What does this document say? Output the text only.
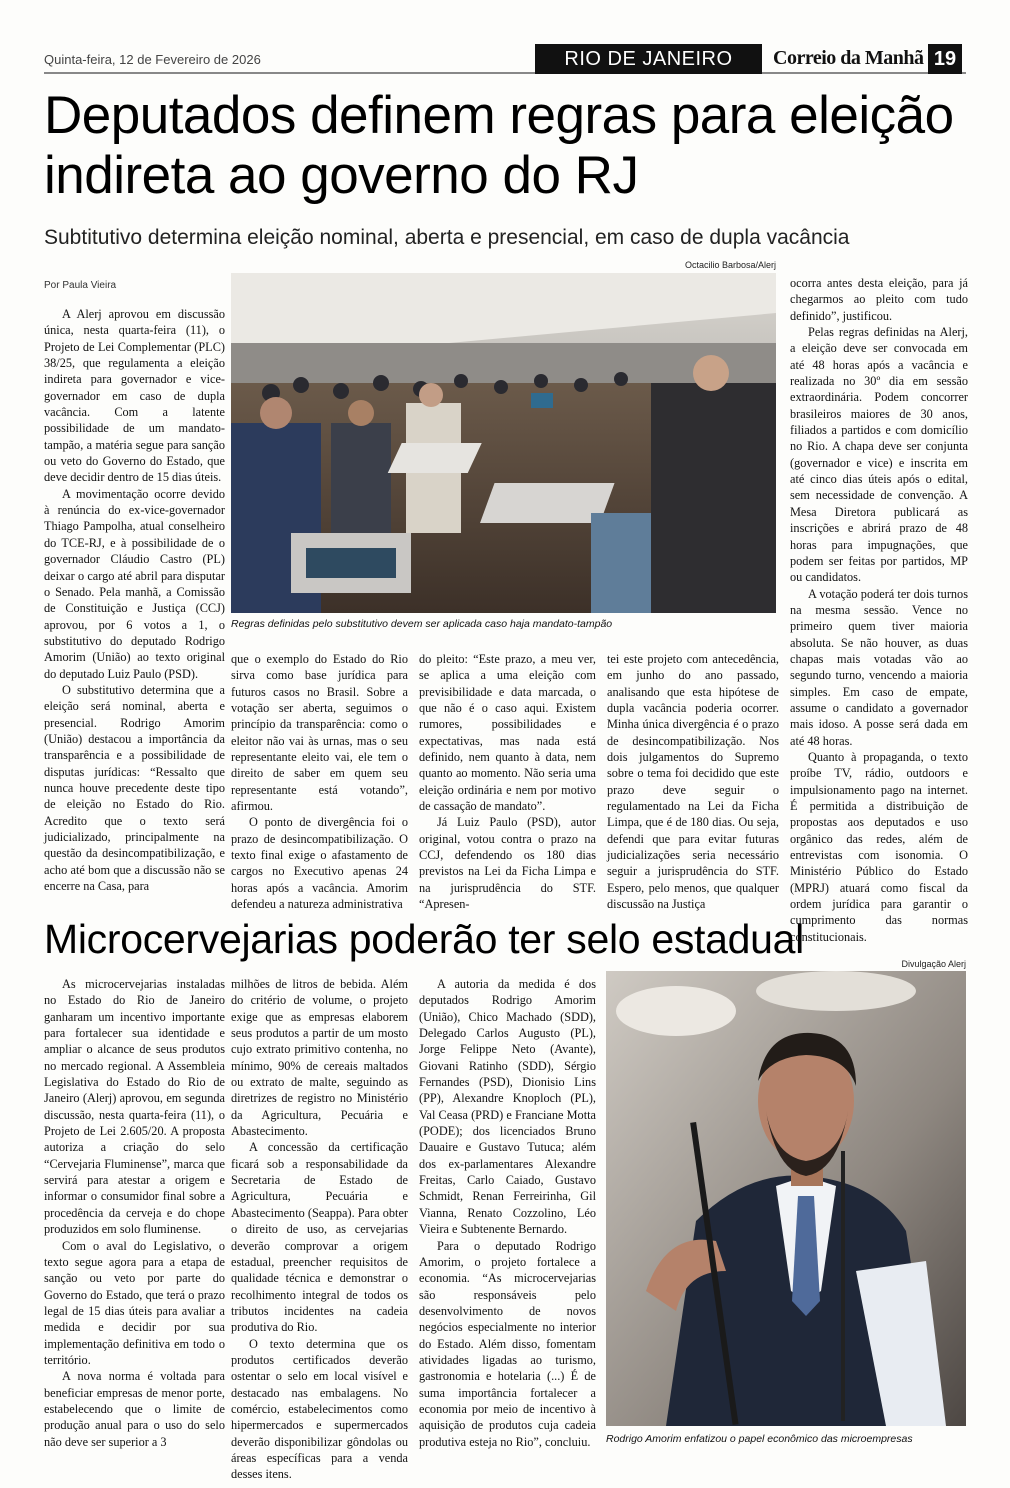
Quinta-feira, 12 de Fevereiro de 2026	RIO DE JANEIRO	Correio da Manhã 19
Deputados definem regras para eleição indireta ao governo do RJ
Subtitutivo determina eleição nominal, aberta e presencial, em caso de dupla vacância
Por Paula Vieira

A Alerj aprovou em discussão única, nesta quarta-feira (11), o Projeto de Lei Complementar (PLC) 38/25, que regulamenta a eleição indireta para governador e vice-governador em caso de dupla vacância. Com a latente possibilidade de um mandato-tampão, a matéria segue para sanção ou veto do Governo do Estado, que deve decidir dentro de 15 dias úteis.

A movimentação ocorre devido à renúncia do ex-vice-governador Thiago Pampolha, atual conselheiro do TCE-RJ, e à possibilidade de o governador Cláudio Castro (PL) deixar o cargo até abril para disputar o Senado. Pela manhã, a Comissão de Constituição e Justiça (CCJ) aprovou, por 6 votos a 1, o substitutivo do deputado Rodrigo Amorim (União) ao texto original do deputado Luiz Paulo (PSD).

O substitutivo determina que a eleição será nominal, aberta e presencial. Rodrigo Amorim (União) destacou a importância da transparência e a possibilidade de disputas jurídicas: “Ressalto que nunca houve precedente deste tipo de eleição no Estado do Rio. Acredito que o texto será judicializado, principalmente na questão da desincompatibilização, e acho até bom que a discussão não se encerre na Casa, para

Octacilio Barbosa/Alerj
Regras definidas pelo substitutivo devem ser aplicada caso haja mandato-tampão

que o exemplo do Estado do Rio sirva como base jurídica para futuros casos no Brasil. Sobre a votação ser aberta, seguimos o princípio da transparência: como o eleitor não vai às urnas, mas o seu representante eleito vai, ele tem o direito de saber em quem seu representante está votando”, afirmou.

O ponto de divergência foi o prazo de desincompatibilização. O texto final exige o afastamento de cargos no Executivo apenas 24 horas após a vacância. Amorim defendeu a natureza administrativa

do pleito: “Este prazo, a meu ver, se aplica a uma eleição com previsibilidade e data marcada, o que não é o caso aqui. Existem rumores, possibilidades e expectativas, mas nada está definido, nem quanto à data, nem quanto ao momento. Não seria uma eleição ordinária e nem por motivo de cassação de mandato”.

Já Luiz Paulo (PSD), autor original, votou contra o prazo na CCJ, defendendo os 180 dias previstos na Lei da Ficha Limpa e na jurisprudência do STF. “Apresen-

tei este projeto com antecedência, em junho do ano passado, analisando que esta hipótese de dupla vacância poderia ocorrer. Minha única divergência é o prazo de desincompatibilização. Nos dois julgamentos do Supremo sobre o tema foi decidido que este prazo deve seguir o regulamentado na Lei da Ficha Limpa, que é de 180 dias. Ou seja, defendi que para evitar futuras judicializações seria necessário seguir a jurisprudência do STF. Espero, pelo menos, que qualquer discussão na Justiça

ocorra antes desta eleição, para já chegarmos ao pleito com tudo definido”, justificou.

Pelas regras definidas na Alerj, a eleição deve ser convocada em até 48 horas após a vacância e realizada no 30º dia em sessão extraordinária. Podem concorrer brasileiros maiores de 30 anos, filiados a partidos e com domicílio no Rio. A chapa deve ser conjunta (governador e vice) e inscrita em até cinco dias úteis após o edital, sem necessidade de convenção. A Mesa Diretora publicará as inscrições e abrirá prazo de 48 horas para impugnações, que podem ser feitas por partidos, MP ou candidatos.

A votação poderá ter dois turnos na mesma sessão. Vence no primeiro quem tiver maioria absoluta. Se não houver, as duas chapas mais votadas vão ao segundo turno, vencendo a maioria simples. Em caso de empate, assume o candidato a governador mais idoso. A posse será dada em até 48 horas.

Quanto à propaganda, o texto proíbe TV, rádio, outdoors e impulsionamento pago na internet. É permitida a distribuição de propostas aos deputados e uso orgânico das redes, além de entrevistas com isonomia. O Ministério Público do Estado (MPRJ) atuará como fiscal da ordem jurídica para garantir o cumprimento das normas constitucionais.

Microcervejarias poderão ter selo estadual

As microcervejarias instaladas no Estado do Rio de Janeiro ganharam um incentivo importante para fortalecer sua identidade e ampliar o alcance de seus produtos no mercado regional. A Assembleia Legislativa do Estado do Rio de Janeiro (Alerj) aprovou, em segunda discussão, nesta quarta-feira (11), o Projeto de Lei 2.605/20. A proposta autoriza a criação do selo “Cervejaria Fluminense”, marca que servirá para atestar a origem e informar o consumidor final sobre a procedência da cerveja e do chope produzidos em solo fluminense.

Com o aval do Legislativo, o texto segue agora para a etapa de sanção ou veto por parte do Governo do Estado, que terá o prazo legal de 15 dias úteis para avaliar a medida e decidir por sua implementação definitiva em todo o território.

A nova norma é voltada para beneficiar empresas de menor porte, estabelecendo que o limite de produção anual para o uso do selo não deve ser superior a 3

milhões de litros de bebida. Além do critério de volume, o projeto exige que as empresas elaborem seus produtos a partir de um mosto cujo extrato primitivo contenha, no mínimo, 90% de cereais maltados ou extrato de malte, seguindo as diretrizes de registro no Ministério da Agricultura, Pecuária e Abastecimento.

A concessão da certificação ficará sob a responsabilidade da Secretaria de Estado de Agricultura, Pecuária e Abastecimento (Seappa). Para obter o direito de uso, as cervejarias deverão comprovar a origem estadual, preencher requisitos de qualidade técnica e demonstrar o recolhimento integral de todos os tributos incidentes na cadeia produtiva do Rio.

O texto determina que os produtos certificados deverão ostentar o selo em local visível e destacado nas embalagens. No comércio, estabelecimentos como hipermercados e supermercados deverão disponibilizar gôndolas ou áreas específicas para a venda desses itens.

A autoria da medida é dos deputados Rodrigo Amorim (União), Chico Machado (SDD), Delegado Carlos Augusto (PL), Jorge Felippe Neto (Avante), Giovani Ratinho (SDD), Sérgio Fernandes (PSD), Dionisio Lins (PP), Alexandre Knoploch (PL), Val Ceasa (PRD) e Franciane Motta (PODE); dos licenciados Bruno Dauaire e Gustavo Tutuca; além dos ex-parlamentares Alexandre Freitas, Carlo Caiado, Gustavo Schmidt, Renan Ferreirinha, Gil Vianna, Renato Cozzolino, Léo Vieira e Subtenente Bernardo.

Para o deputado Rodrigo Amorim, o projeto fortalece a economia. “As microcervejarias são responsáveis pelo desenvolvimento de novos negócios especialmente no interior do Estado. Além disso, fomentam atividades ligadas ao turismo, gastronomia e hotelaria (...) É de suma importância fortalecer a economia por meio de incentivo à aquisição de produtos cuja cadeia produtiva esteja no Rio”, concluiu.

Divulgação Alerj
Rodrigo Amorim enfatizou o papel econômico das microempresas
